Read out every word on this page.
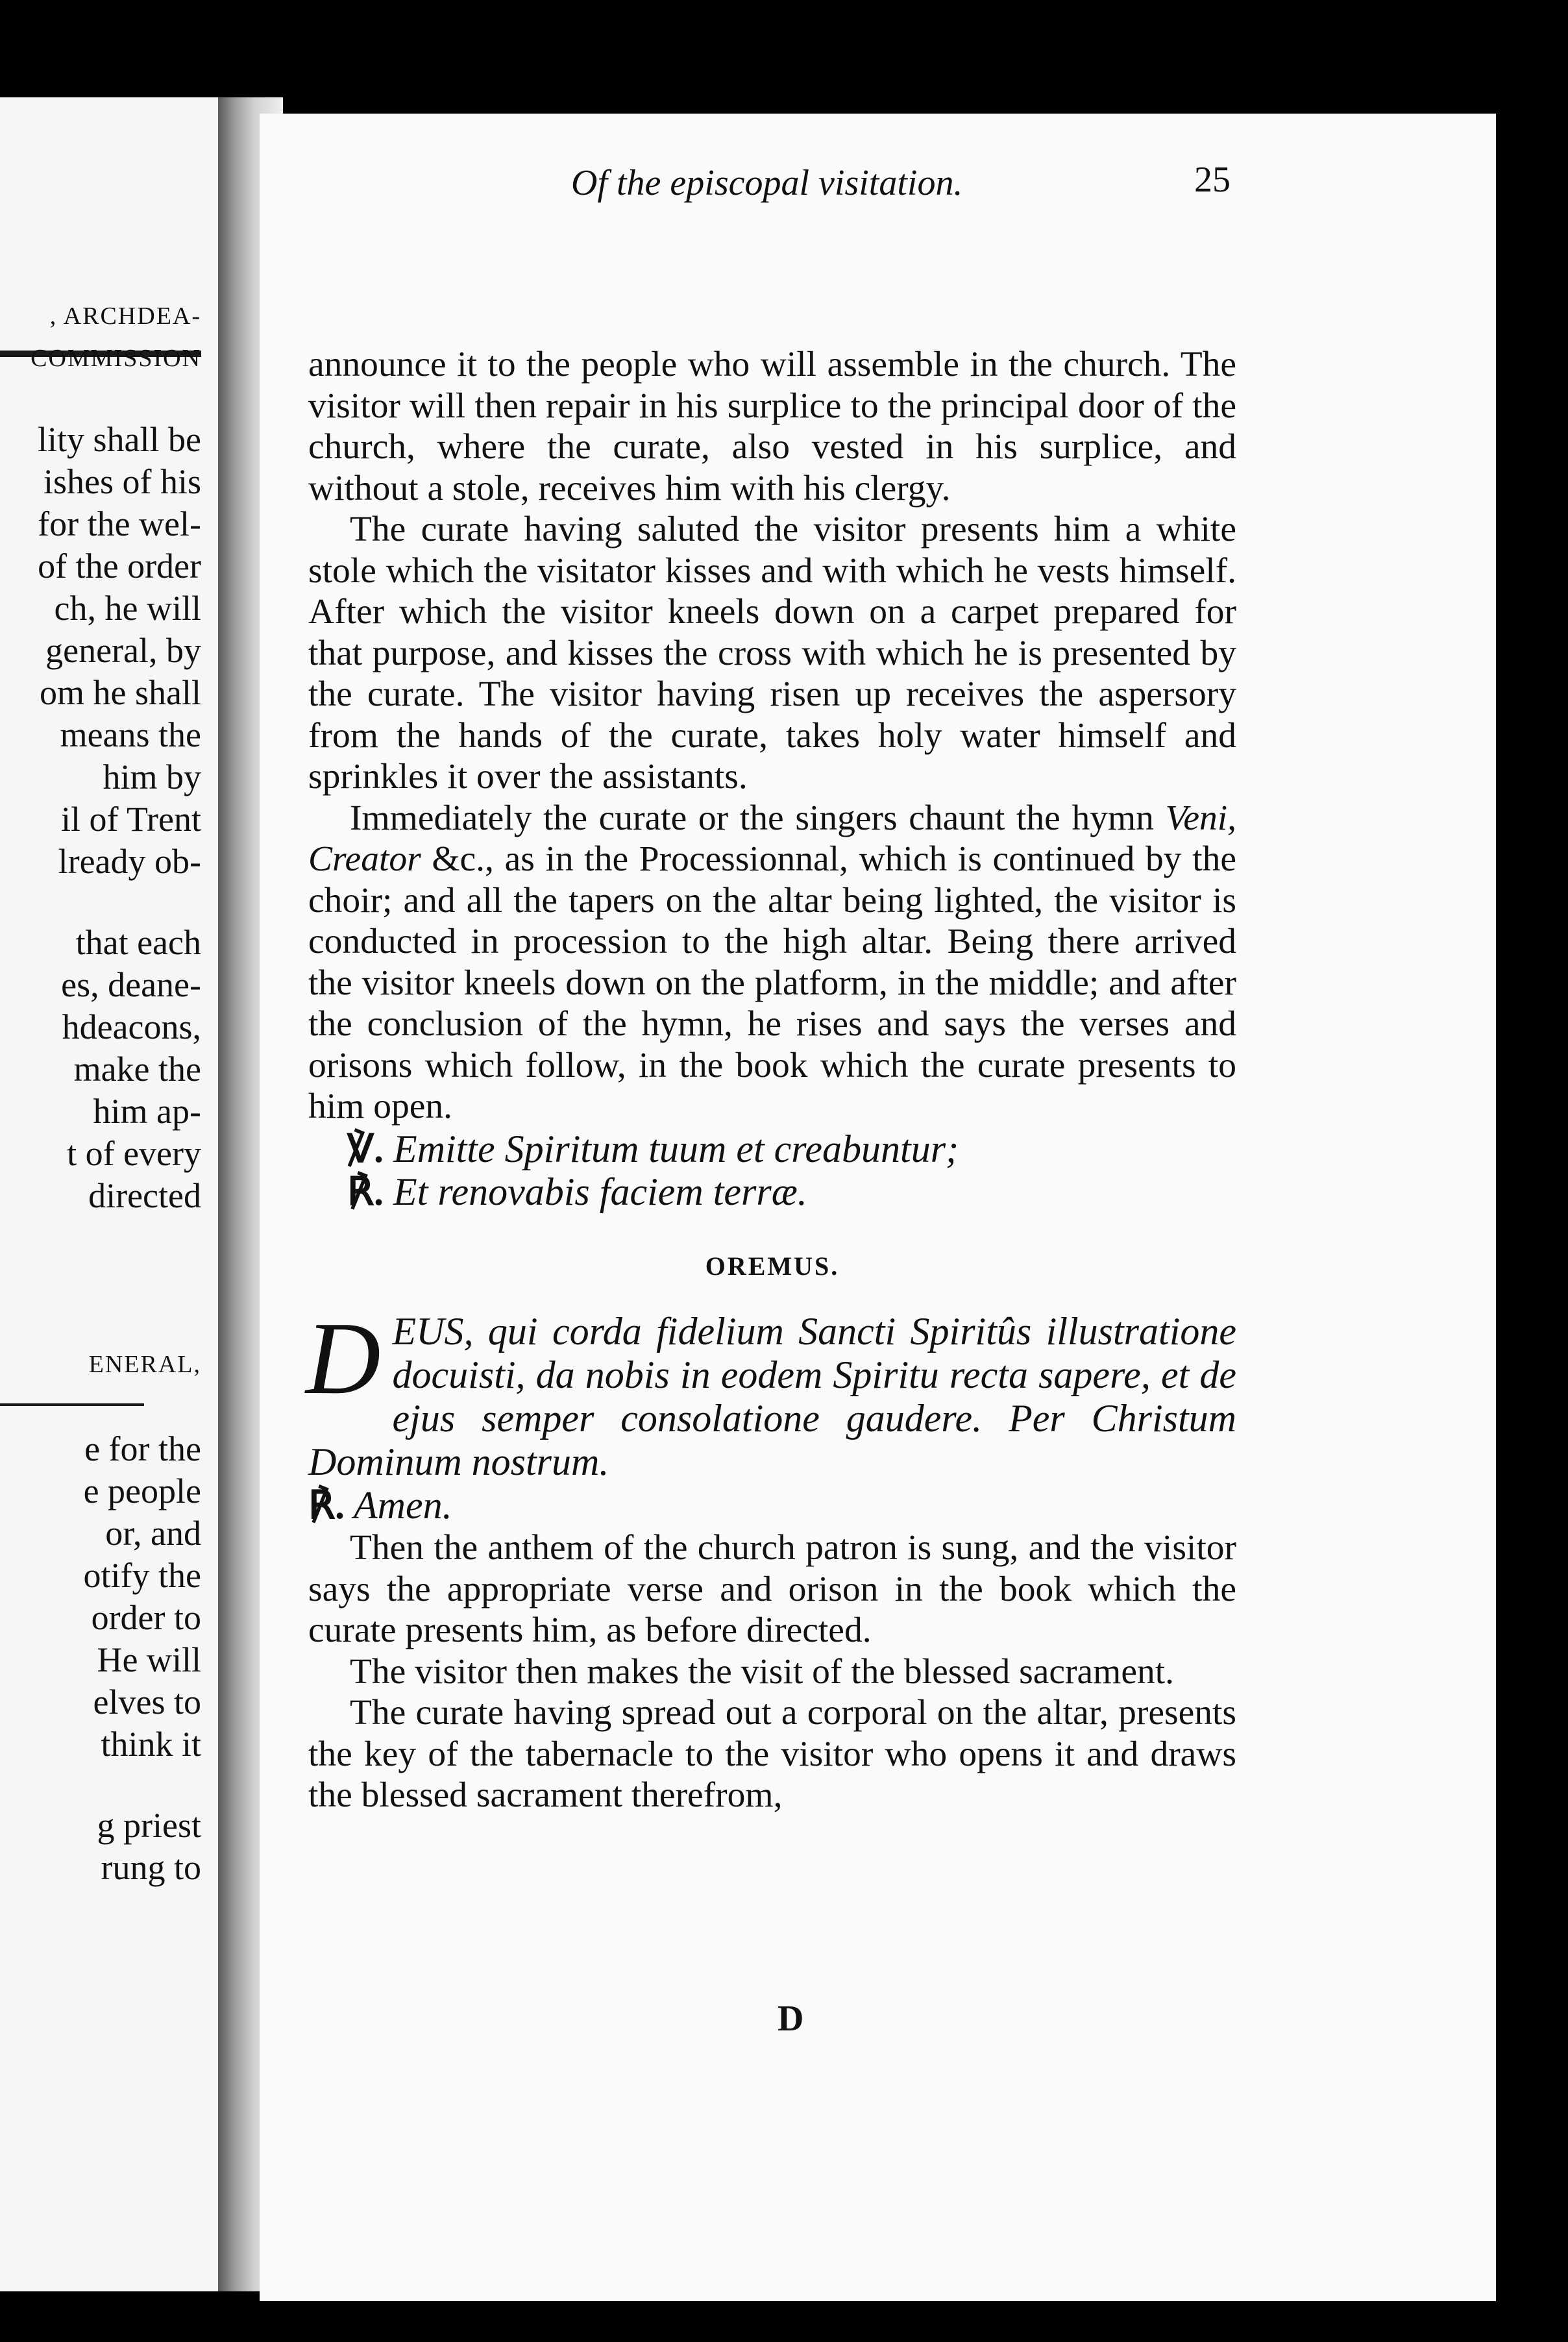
, ARCHDEA-
COMMISSION
lity shall be
ishes of his
for the wel-
of the order
ch, he will
general, by
om he shall
means the
him by
il of Trent
lready ob-
that each
es, deane-
hdeacons,
make the
him ap-
t of every
directed
ENERAL,
e for the
e people
or, and
otify the
order to
He will
elves to
think it
g priest
rung to
Of the episcopal visitation.	25

announce it to the people who will assemble in the church. The visitor will then repair in his surplice to the principal door of the church, where the curate, also vested in his surplice, and without a stole, receives him with his clergy.

The curate having saluted the visitor presents him a white stole which the visitator kisses and with which he vests himself. After which the visitor kneels down on a carpet prepared for that purpose, and kisses the cross with which he is presented by the curate. The visitor having risen up receives the aspersory from the hands of the curate, takes holy water himself and sprinkles it over the assistants.

Immediately the curate or the singers chaunt the hymn Veni, Creator &c., as in the Processionnal, which is continued by the choir; and all the tapers on the altar being lighted, the visitor is conducted in procession to the high altar. Being there arrived the visitor kneels down on the platform, in the middle; and after the conclusion of the hymn, he rises and says the verses and orisons which follow, in the book which the curate presents to him open.

℣. Emitte Spiritum tuum et creabuntur;
℟. Et renovabis faciem terræ.
OREMUS.

D EUS, qui corda fidelium Sancti Spiritûs illustratione docuisti, da nobis in eodem Spiritu recta sapere, et de ejus semper consolatione gaudere. Per Christum Dominum nostrum.

℟. Amen.

Then the anthem of the church patron is sung, and the visitor says the appropriate verse and orison in the book which the curate presents him, as before directed.

The visitor then makes the visit of the blessed sacrament.

The curate having spread out a corporal on the altar, presents the key of the tabernacle to the visitor who opens it and draws the blessed sacrament therefrom,

D
